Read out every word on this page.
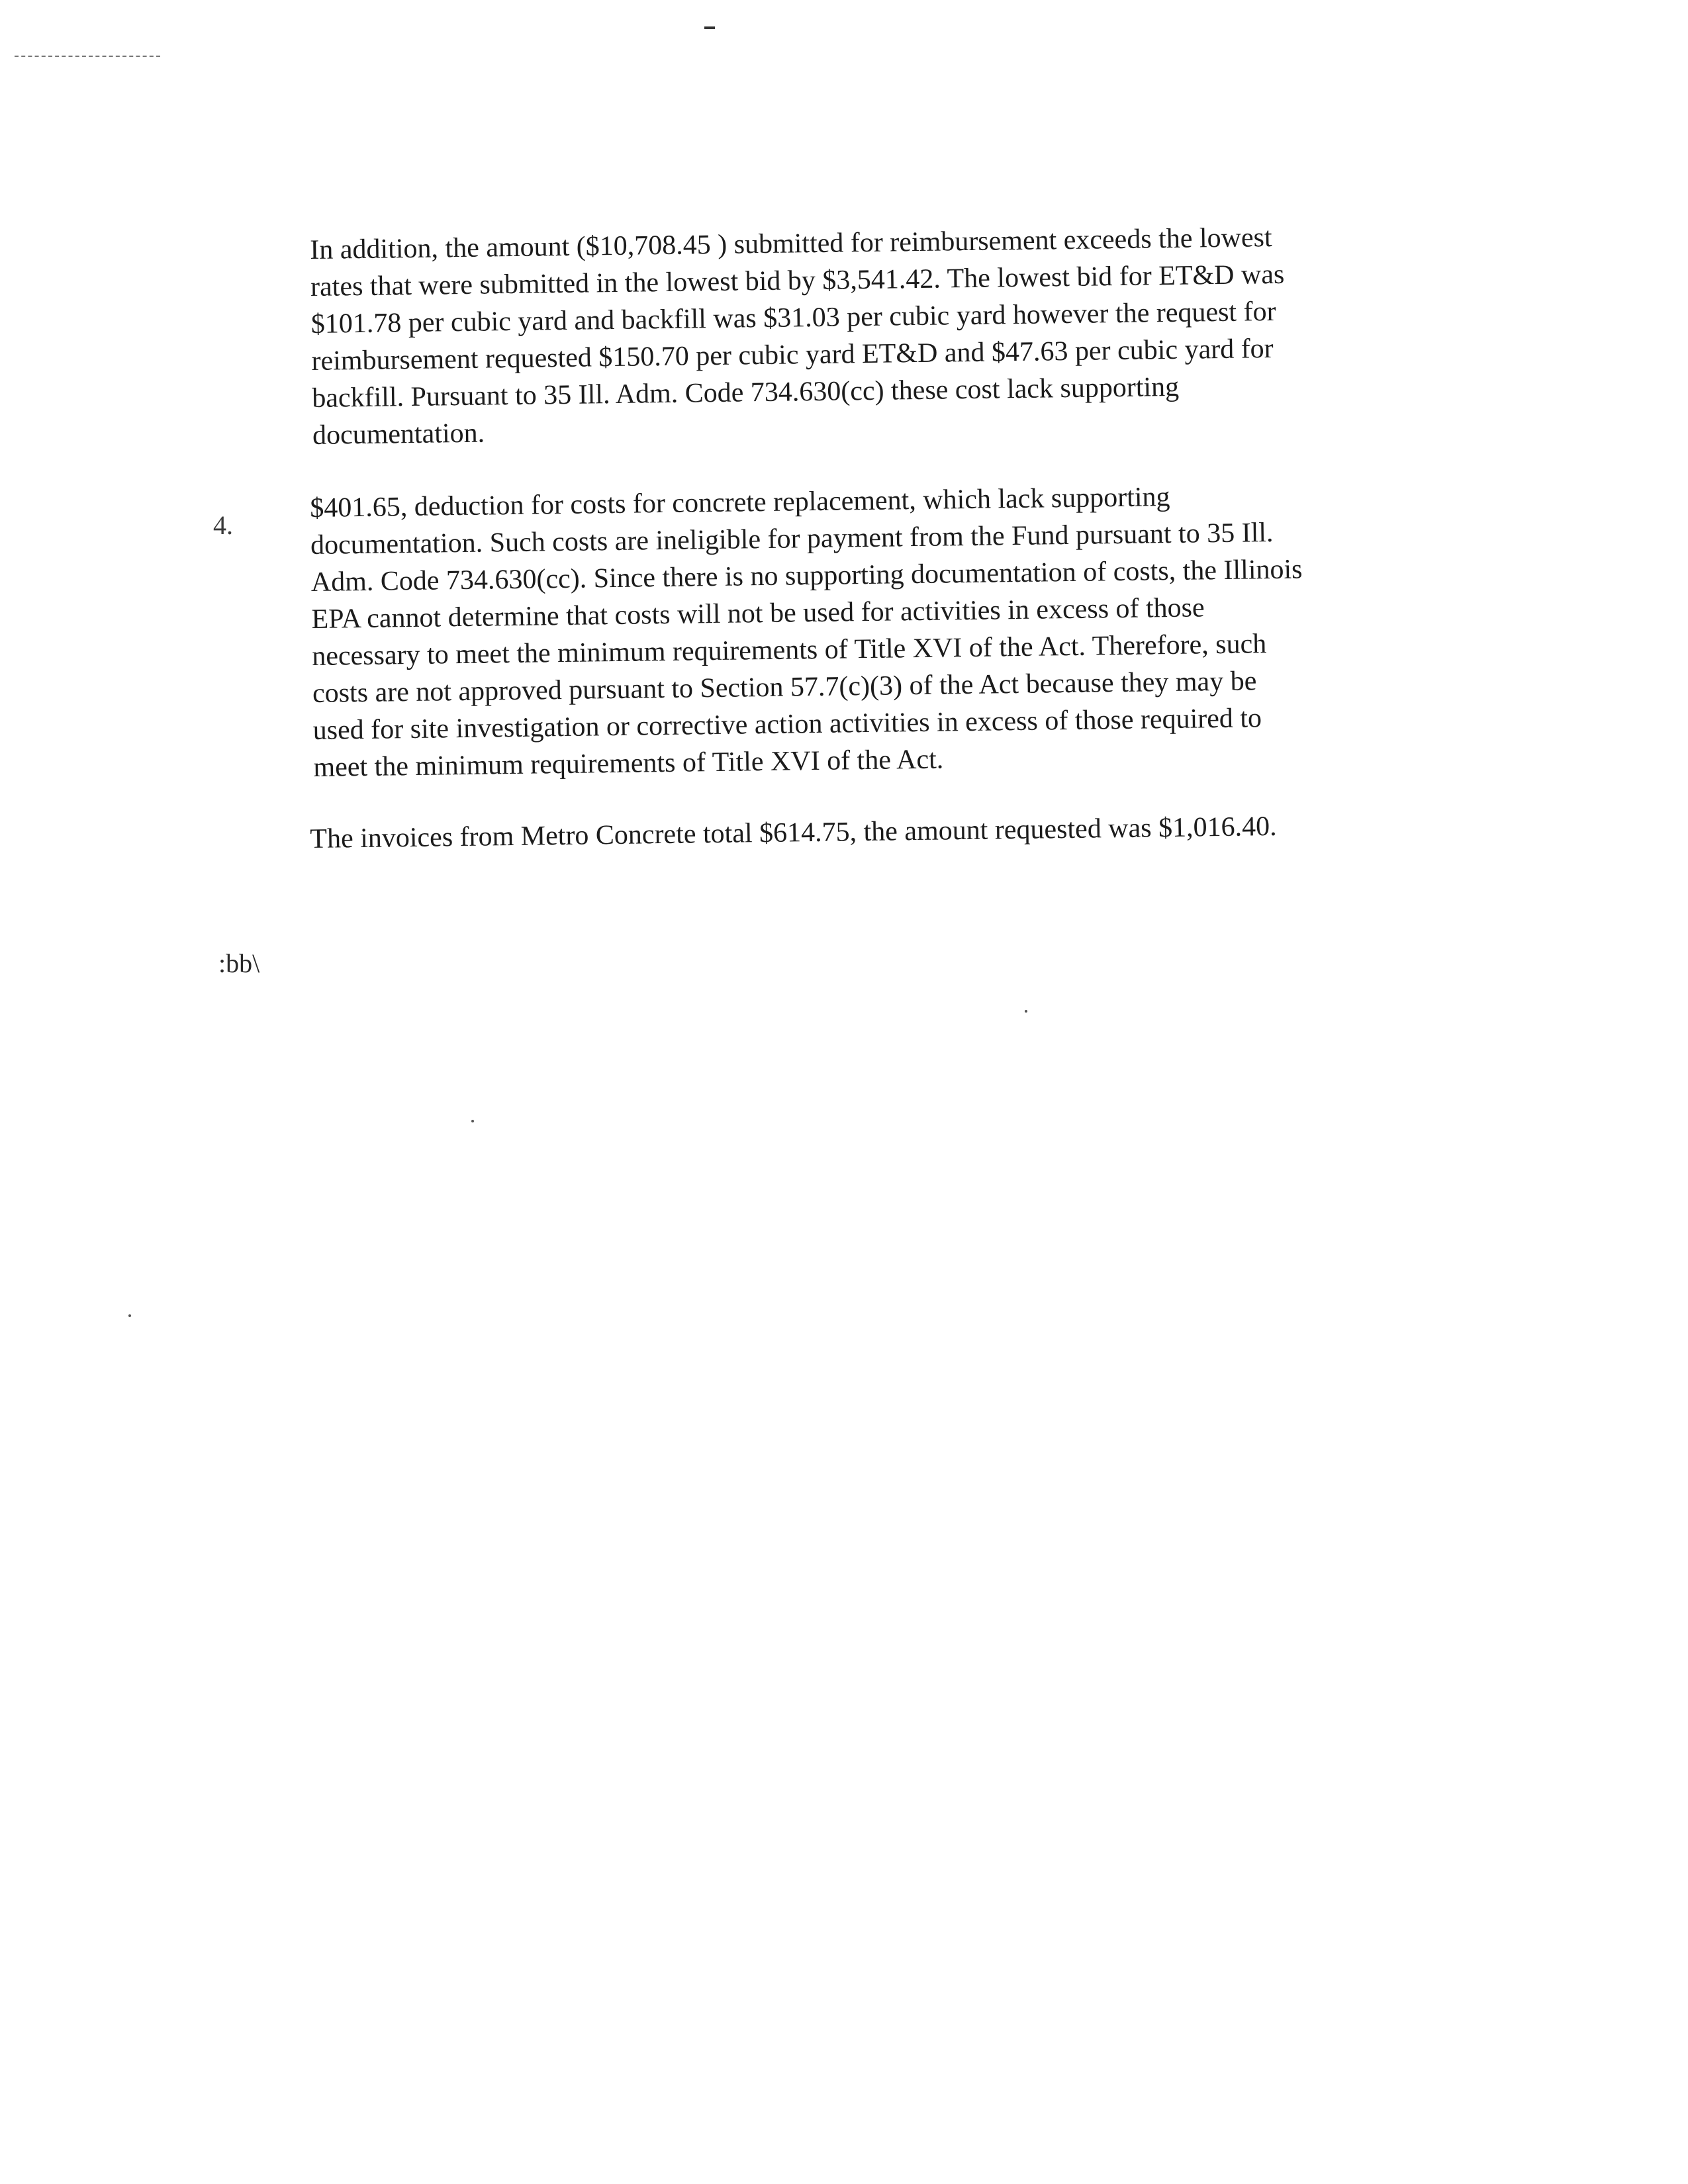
In addition, the amount ($10,708.45 ) submitted for reimbursement exceeds the lowest
rates that were submitted in the lowest bid by $3,541.42. The lowest bid for ET&D was
$101.78 per cubic yard and backfill was $31.03 per cubic yard however the request for
reimbursement requested $150.70 per cubic yard ET&D and $47.63 per cubic yard for
backfill. Pursuant to 35 Ill. Adm. Code 734.630(cc) these cost lack supporting
documentation.
4.
$401.65, deduction for costs for concrete replacement, which lack supporting
documentation. Such costs are ineligible for payment from the Fund pursuant to 35 Ill.
Adm. Code 734.630(cc). Since there is no supporting documentation of costs, the Illinois
EPA cannot determine that costs will not be used for activities in excess of those
necessary to meet the minimum requirements of Title XVI of the Act. Therefore, such
costs are not approved pursuant to Section 57.7(c)(3) of the Act because they may be
used for site investigation or corrective action activities in excess of those required to
meet the minimum requirements of Title XVI of the Act.
The invoices from Metro Concrete total $614.75, the amount requested was $1,016.40.
:bb\
